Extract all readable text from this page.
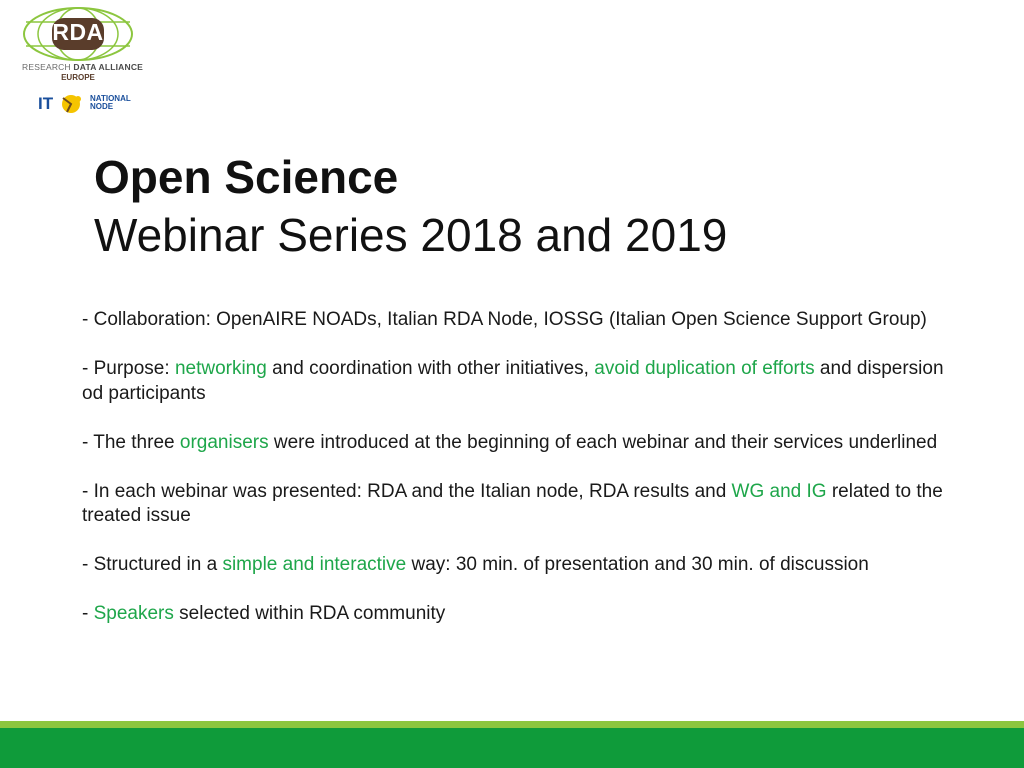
RDA
RESEARCH DATA ALLIANCE
EUROPE
IT	NATIONAL
NODE
Open Science
Webinar Series 2018 and 2019

- Collaboration: OpenAIRE NOADs, Italian RDA Node, IOSSG (Italian Open Science Support Group)

- Purpose: networking and coordination with other initiatives, avoid duplication of efforts and dispersion od participants

- The three organisers were introduced at the beginning of each webinar and their services underlined

- In each webinar was presented: RDA and the Italian node, RDA results and WG and IG related to the treated issue

- Structured in a simple and interactive way: 30 min. of presentation and 30 min. of discussion

- Speakers selected within RDA community
